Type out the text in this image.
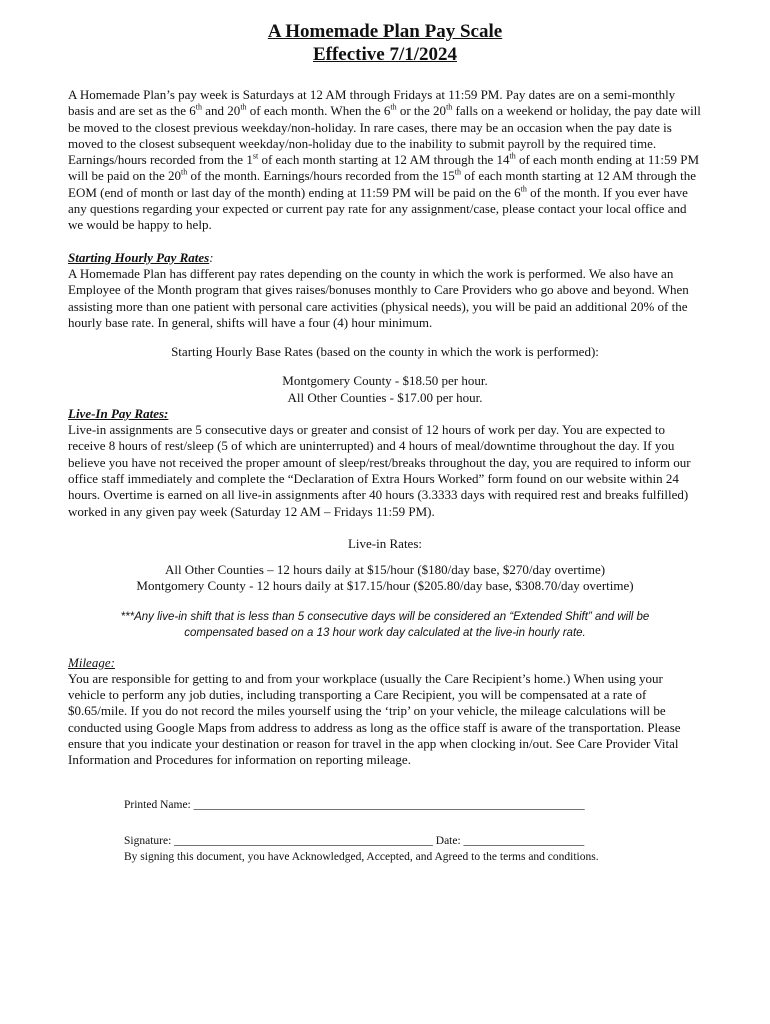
A Homemade Plan Pay Scale
Effective 7/1/2024

A Homemade Plan’s pay week is Saturdays at 12 AM through Fridays at 11:59 PM. Pay dates are on a semi-monthly basis and are set as the 6th and 20th of each month. When the 6th or the 20th falls on a weekend or holiday, the pay date will be moved to the closest previous weekday/non-holiday. In rare cases, there may be an occasion when the pay date is moved to the closest subsequent weekday/non-holiday due to the inability to submit payroll by the required time. Earnings/hours recorded from the 1st of each month starting at 12 AM through the 14th of each month ending at 11:59 PM will be paid on the 20th of the month. Earnings/hours recorded from the 15th of each month starting at 12 AM through the EOM (end of month or last day of the month) ending at 11:59 PM will be paid on the 6th of the month. If you ever have any questions regarding your expected or current pay rate for any assignment/case, please contact your local office and we would be happy to help.

Starting Hourly Pay Rates:

A Homemade Plan has different pay rates depending on the county in which the work is performed. We also have an Employee of the Month program that gives raises/bonuses monthly to Care Providers who go above and beyond. When assisting more than one patient with personal care activities (physical needs), you will be paid an additional 20% of the hourly base rate. In general, shifts will have a four (4) hour minimum.

Starting Hourly Base Rates (based on the county in which the work is performed):

Montgomery County - $18.50 per hour.

All Other Counties - $17.00 per hour.

Live-In Pay Rates:

Live-in assignments are 5 consecutive days or greater and consist of 12 hours of work per day. You are expected to receive 8 hours of rest/sleep (5 of which are uninterrupted) and 4 hours of meal/downtime throughout the day. If you believe you have not received the proper amount of sleep/rest/breaks throughout the day, you are required to inform our office staff immediately and complete the “Declaration of Extra Hours Worked” form found on our website within 24 hours. Overtime is earned on all live-in assignments after 40 hours (3.3333 days with required rest and breaks fulfilled) worked in any given pay week (Saturday 12 AM – Fridays 11:59 PM).

Live-in Rates:

All Other Counties – 12 hours daily at $15/hour ($180/day base, $270/day overtime)

Montgomery County - 12 hours daily at $17.15/hour ($205.80/day base, $308.70/day overtime)

***Any live-in shift that is less than 5 consecutive days will be considered an “Extended Shift” and will be compensated based on a 13 hour work day calculated at the live-in hourly rate.

Mileage:

You are responsible for getting to and from your workplace (usually the Care Recipient’s home.) When using your vehicle to perform any job duties, including transporting a Care Recipient, you will be compensated at a rate of $0.65/mile. If you do not record the miles yourself using the ‘trip’ on your vehicle, the mileage calculations will be conducted using Google Maps from address to address as long as the office staff is aware of the transportation. Please ensure that you indicate your destination or reason for travel in the app when clocking in/out. See Care Provider Vital Information and Procedures for information on reporting mileage.

Printed Name: ____________________________________________________________________

Signature: _____________________________________________ Date: _____________________

By signing this document, you have Acknowledged, Accepted, and Agreed to the terms and conditions.
